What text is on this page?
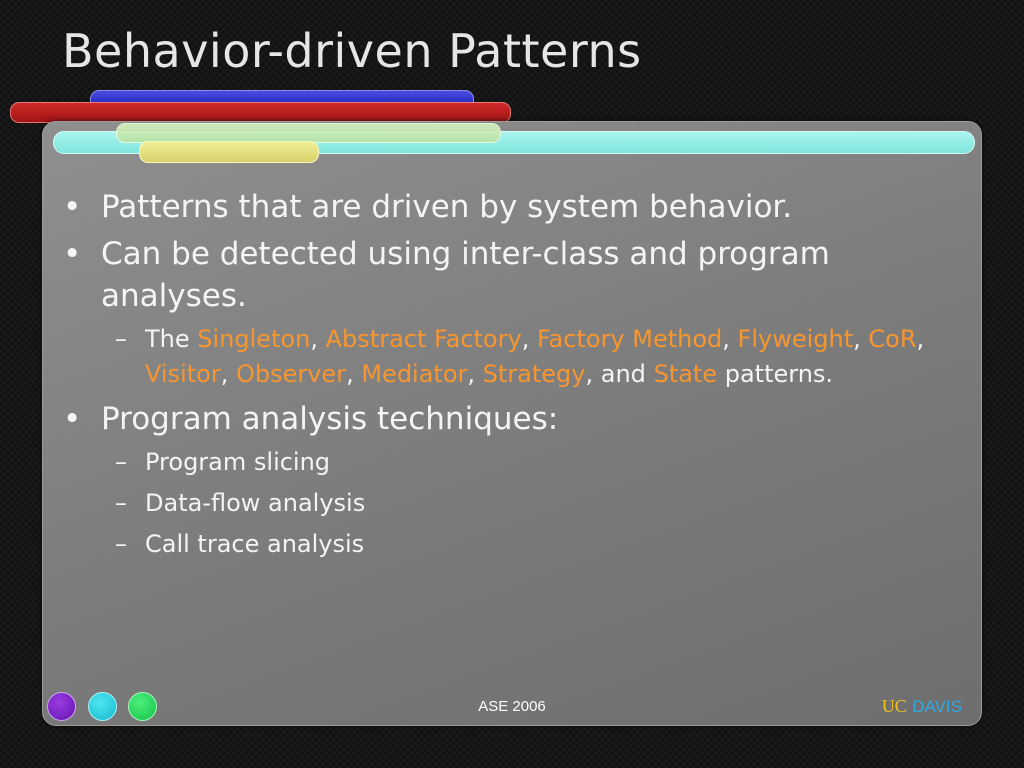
Behavior-driven Patterns
• Patterns that are driven by system behavior.
• Can be detected using inter-class and program analyses.
– The Singleton, Abstract Factory, Factory Method, Flyweight, CoR, Visitor, Observer, Mediator, Strategy, and State patterns.
• Program analysis techniques:
– Program slicing
– Data-flow analysis
– Call trace analysis
ASE 2006	UC DAVIS
